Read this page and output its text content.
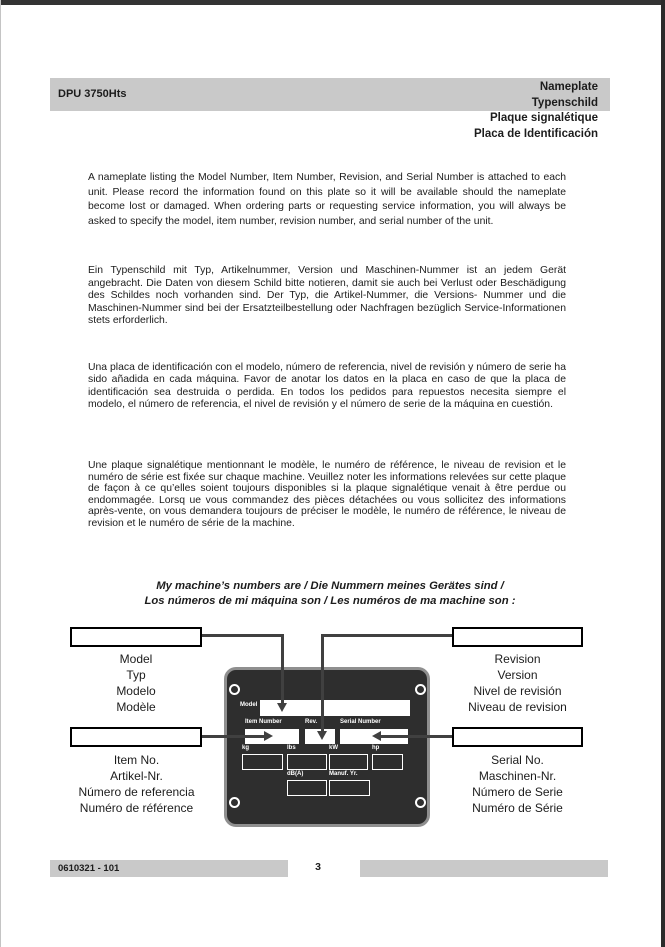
DPU 3750Hts
Nameplate
Typenschild
Plaque signalétique
Placa de Identificación
A nameplate listing the Model Number, Item Number, Revision, and Serial Number is attached to each unit. Please record the information found on this plate so it will be available should the nameplate become lost or damaged. When ordering parts or requesting service information, you will always be asked to specify the model, item number, revision number, and serial number of the unit.
Ein Typenschild mit Typ, Artikelnummer, Version und Maschinen-Nummer ist an jedem Gerät angebracht. Die Daten von diesem Schild bitte notieren, damit sie auch bei Verlust oder Beschädigung des Schildes noch vorhanden sind. Der Typ, die Artikel-Nummer, die Versions- Nummer und die Maschinen-Nummer sind bei der Ersatzteilbestellung oder Nachfragen bezüglich Service-Informationen stets erforderlich.
Una placa de identificación con el modelo, número de referencia, nivel de revisión y número de serie ha sido añadida en cada máquina. Favor de anotar los datos en la placa en caso de que la placa de identificación sea destruida o perdida. En todos los pedidos para repuestos necesita siempre el modelo, el número de referencia, el nivel de revisión y el número de serie de la máquina en cuestión.
Une plaque signalétique mentionnant le modèle, le numéro de référence, le niveau de revision et le numéro de série est fixée sur chaque machine. Veuillez noter les informations relevées sur cette plaque de façon à ce qu’elles soient toujours disponibles si la plaque signalétique venait à être perdue ou endommagée. Lorsq ue vous commandez des pièces détachées ou vous sollicitez des informations après-vente, on vous demandera toujours de préciser le modèle, le numéro de référence, le niveau de revision et le numéro de série de la machine.
My machine’s numbers are / Die Nummern meines Gerätes sind /
Los números de mi máquina son / Les numéros de ma machine son :
Model
Typ
Modelo
Modèle
Revision
Version
Nivel de revisión
Niveau de revision
Item No.
Artikel-Nr.
Número de referencia
Numéro de référence
Serial No.
Maschinen-Nr.
Número de Serie
Numéro de Série
Model
Item Number	Rev.	Serial Number
kg	lbs	kW	hp
dB(A)	Manuf. Yr.
0610321 - 101	3
